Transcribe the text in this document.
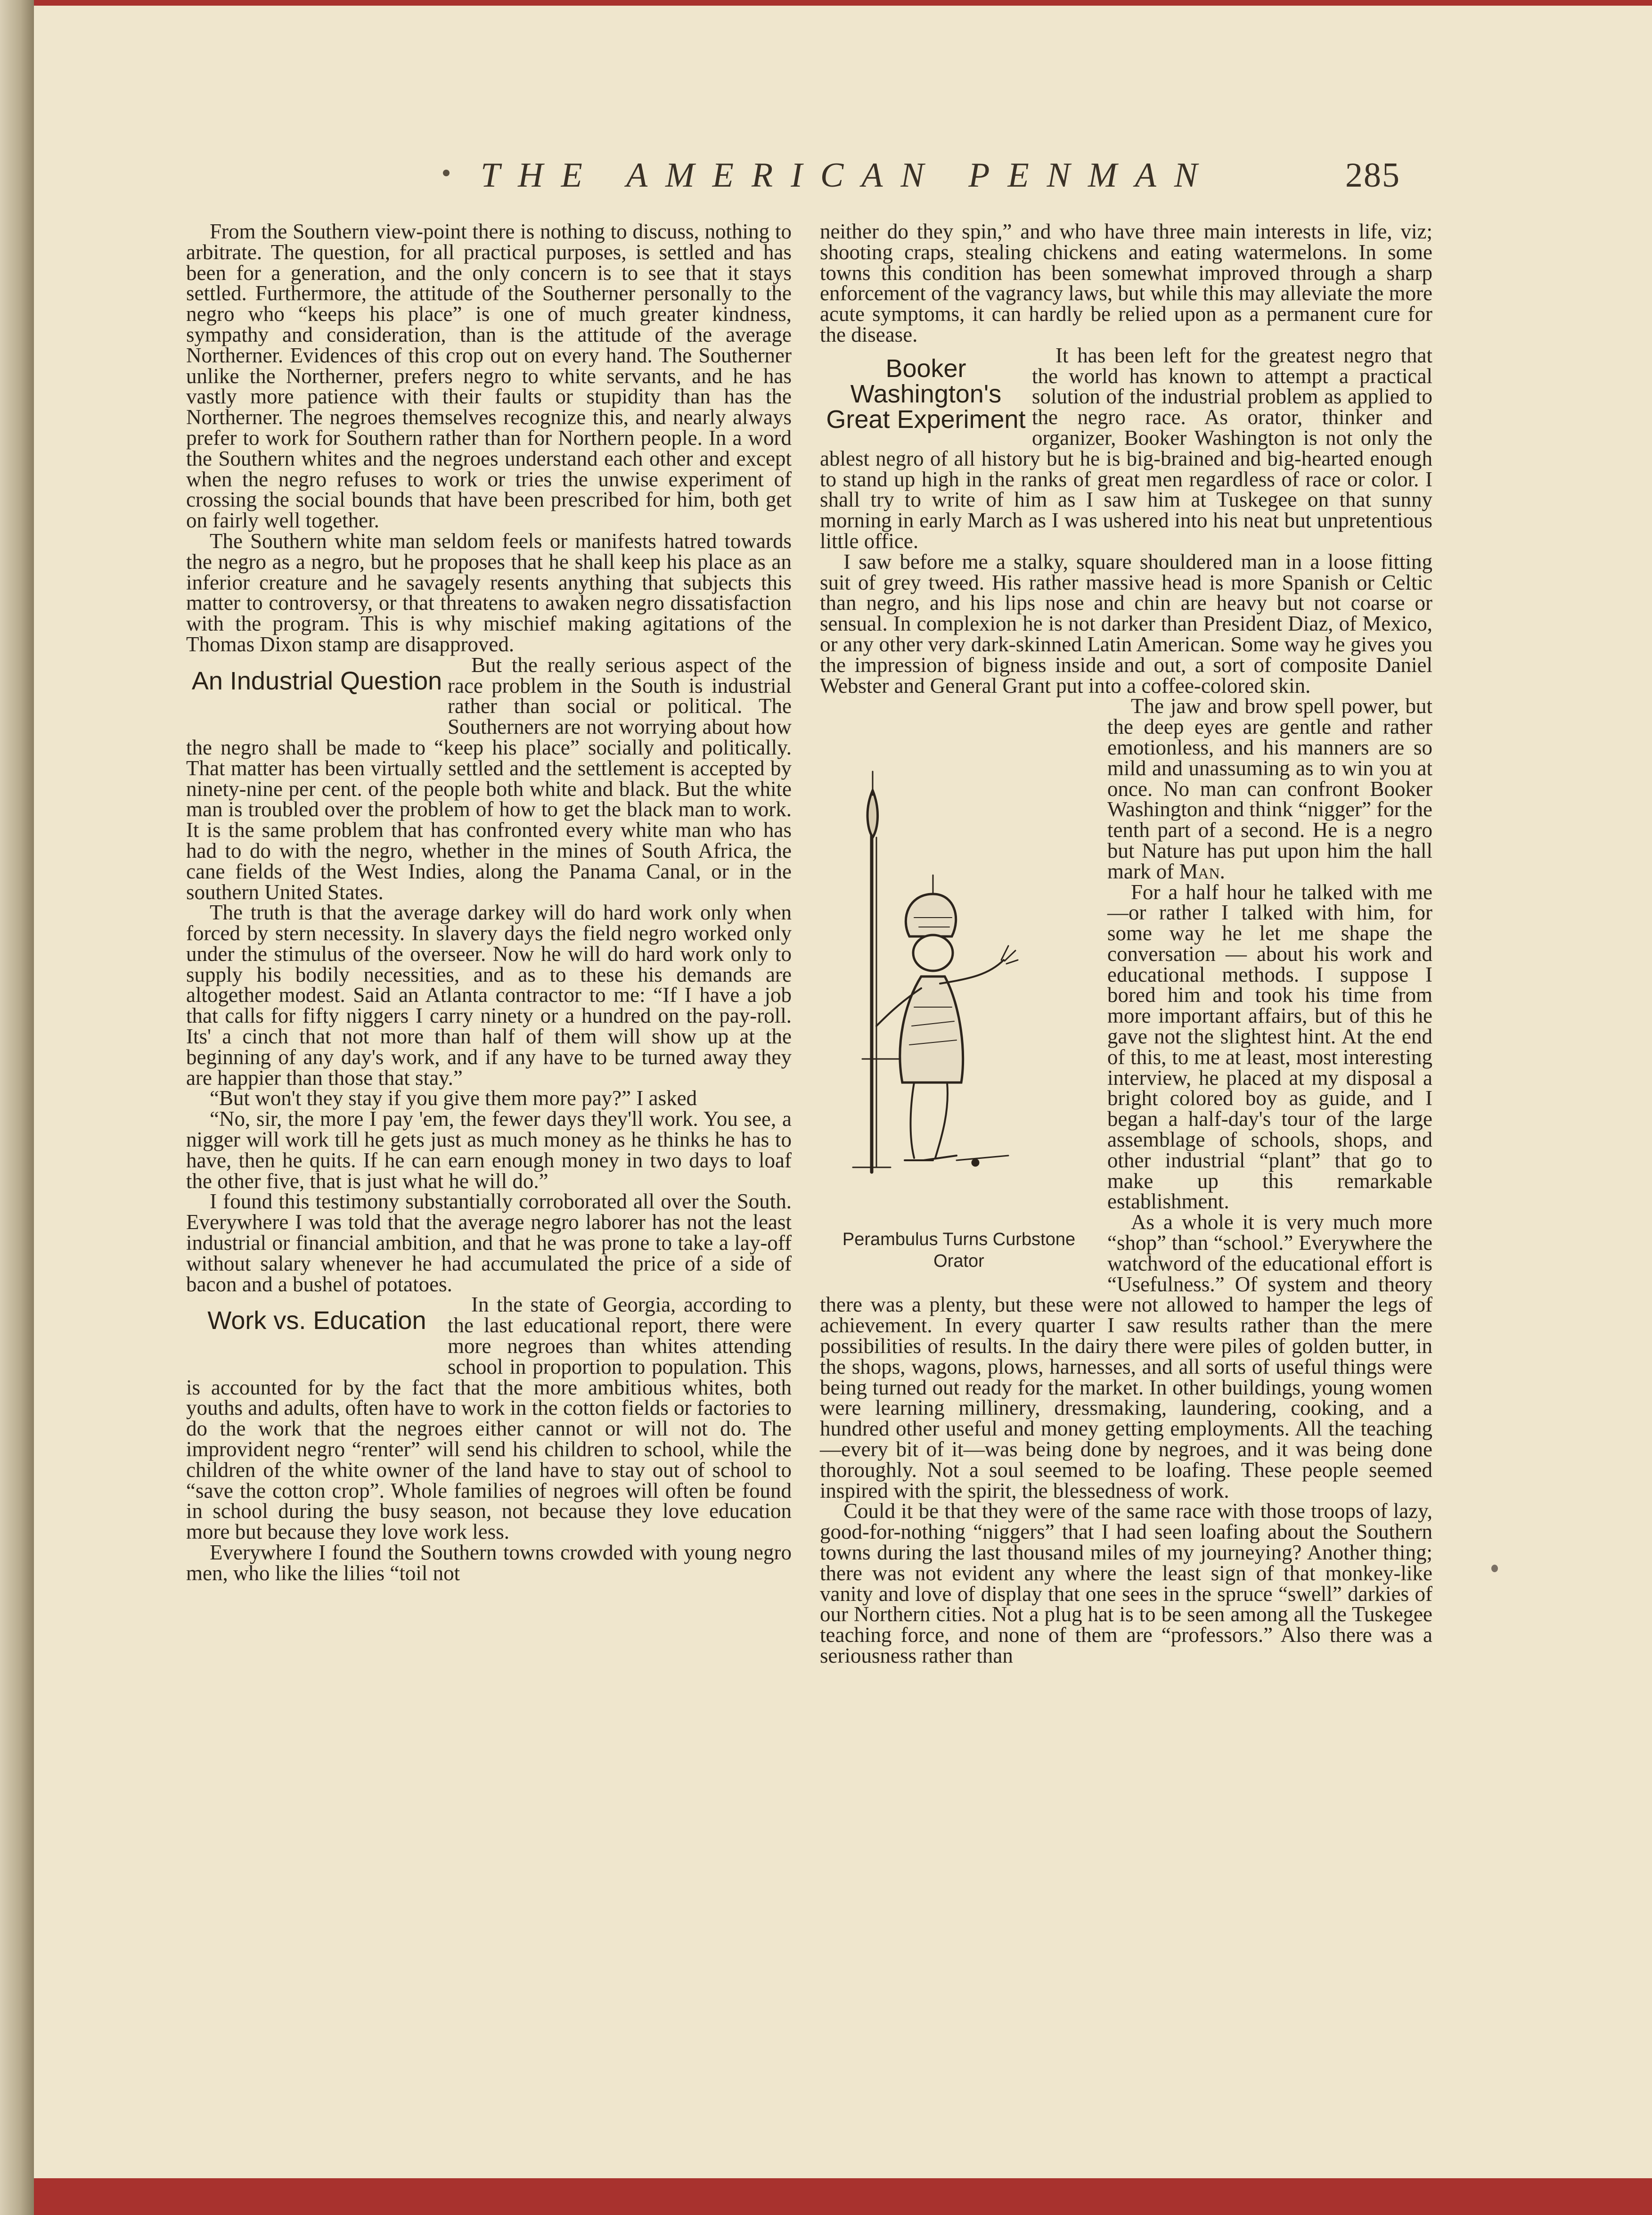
THE AMERICAN PENMAN	285

From the Southern view-point there is nothing to discuss, nothing to arbitrate. The question, for all practical purposes, is settled and has been for a generation, and the only concern is to see that it stays settled. Furthermore, the attitude of the Southerner personally to the negro who “keeps his place” is one of much greater kindness, sympathy and consideration, than is the attitude of the average Northerner. Evidences of this crop out on every hand. The Southerner unlike the Northerner, prefers negro to white servants, and he has vastly more patience with their faults or stupidity than has the Northerner. The negroes themselves recognize this, and nearly always prefer to work for Southern rather than for Northern people. In a word the Southern whites and the negroes understand each other and except when the negro refuses to work or tries the unwise experiment of crossing the social bounds that have been prescribed for him, both get on fairly well together.

The Southern white man seldom feels or manifests hatred towards the negro as a negro, but he proposes that he shall keep his place as an inferior creature and he savagely resents anything that subjects this matter to controversy, or that threatens to awaken negro dissatisfaction with the program. This is why mischief making agitations of the Thomas Dixon stamp are disapproved.

An Industrial Question

But the really serious aspect of the race problem in the South is industrial rather than social or political. The Southerners are not worrying about how the negro shall be made to “keep his place” socially and politically. That matter has been virtually settled and the settlement is accepted by ninety-nine per cent. of the people both white and black. But the white man is troubled over the problem of how to get the black man to work. It is the same problem that has confronted every white man who has had to do with the negro, whether in the mines of South Africa, the cane fields of the West Indies, along the Panama Canal, or in the southern United States.

The truth is that the average darkey will do hard work only when forced by stern necessity. In slavery days the field negro worked only under the stimulus of the overseer. Now he will do hard work only to supply his bodily necessities, and as to these his demands are altogether modest. Said an Atlanta contractor to me: “If I have a job that calls for fifty niggers I carry ninety or a hundred on the pay-roll. Its' a cinch that not more than half of them will show up at the beginning of any day's work, and if any have to be turned away they are happier than those that stay.”

“But won't they stay if you give them more pay?” I asked

“No, sir, the more I pay 'em, the fewer days they'll work. You see, a nigger will work till he gets just as much money as he thinks he has to have, then he quits. If he can earn enough money in two days to loaf the other five, that is just what he will do.”

I found this testimony substantially corroborated all over the South. Everywhere I was told that the average negro laborer has not the least industrial or financial ambition, and that he was prone to take a lay-off without salary whenever he had accumulated the price of a side of bacon and a bushel of potatoes.

Work vs. Education

In the state of Georgia, according to the last educational report, there were more negroes than whites attending school in proportion to population. This is accounted for by the fact that the more ambitious whites, both youths and adults, often have to work in the cotton fields or factories to do the work that the negroes either cannot or will not do. The improvident negro “renter” will send his children to school, while the children of the white owner of the land have to stay out of school to “save the cotton crop”. Whole families of negroes will often be found in school during the busy season, not because they love education more but because they love work less.

Everywhere I found the Southern towns crowded with young negro men, who like the lilies “toil not

neither do they spin,” and who have three main interests in life, viz; shooting craps, stealing chickens and eating watermelons. In some towns this condition has been somewhat improved through a sharp enforcement of the vagrancy laws, but while this may alleviate the more acute symptoms, it can hardly be relied upon as a permanent cure for the disease.

Booker Washington's Great Experiment

It has been left for the greatest negro that the world has known to attempt a practical solution of the industrial problem as applied to the negro race. As orator, thinker and organizer, Booker Washington is not only the ablest negro of all history but he is big-brained and big-hearted enough to stand up high in the ranks of great men regardless of race or color. I shall try to write of him as I saw him at Tuskegee on that sunny morning in early March as I was ushered into his neat but unpretentious little office.

I saw before me a stalky, square shouldered man in a loose fitting suit of grey tweed. His rather massive head is more Spanish or Celtic than negro, and his lips nose and chin are heavy but not coarse or sensual. In complexion he is not darker than President Diaz, of Mexico, or any other very dark-skinned Latin American. Some way he gives you the impression of bigness inside and out, a sort of composite Daniel Webster and General Grant put into a coffee-colored skin.

Perambulus Turns Curbstone Orator

The jaw and brow spell power, but the deep eyes are gentle and rather emotionless, and his manners are so mild and unassuming as to win you at once. No man can confront Booker Washington and think “nigger” for the tenth part of a second. He is a negro but Nature has put upon him the hall mark of Man.

For a half hour he talked with me—or rather I talked with him, for some way he let me shape the conversation — about his work and educational methods. I suppose I bored him and took his time from more important affairs, but of this he gave not the slightest hint. At the end of this, to me at least, most interesting interview, he placed at my disposal a bright colored boy as guide, and I began a half-day's tour of the large assemblage of schools, shops, and other industrial “plant” that go to make up this remarkable establishment.

As a whole it is very much more “shop” than “school.” Everywhere the watchword of the educational effort is “Usefulness.” Of system and theory there was a plenty, but these were not allowed to hamper the legs of achievement. In every quarter I saw results rather than the mere possibilities of results. In the dairy there were piles of golden butter, in the shops, wagons, plows, harnesses, and all sorts of useful things were being turned out ready for the market. In other buildings, young women were learning millinery, dressmaking, laundering, cooking, and a hundred other useful and money getting employments. All the teaching—every bit of it—was being done by negroes, and it was being done thoroughly. Not a soul seemed to be loafing. These people seemed inspired with the spirit, the blessedness of work.

Could it be that they were of the same race with those troops of lazy, good-for-nothing “niggers” that I had seen loafing about the Southern towns during the last thousand miles of my journeying? Another thing; there was not evident any where the least sign of that monkey-like vanity and love of display that one sees in the spruce “swell” darkies of our Northern cities. Not a plug hat is to be seen among all the Tuskegee teaching force, and none of them are “professors.” Also there was a seriousness rather than
